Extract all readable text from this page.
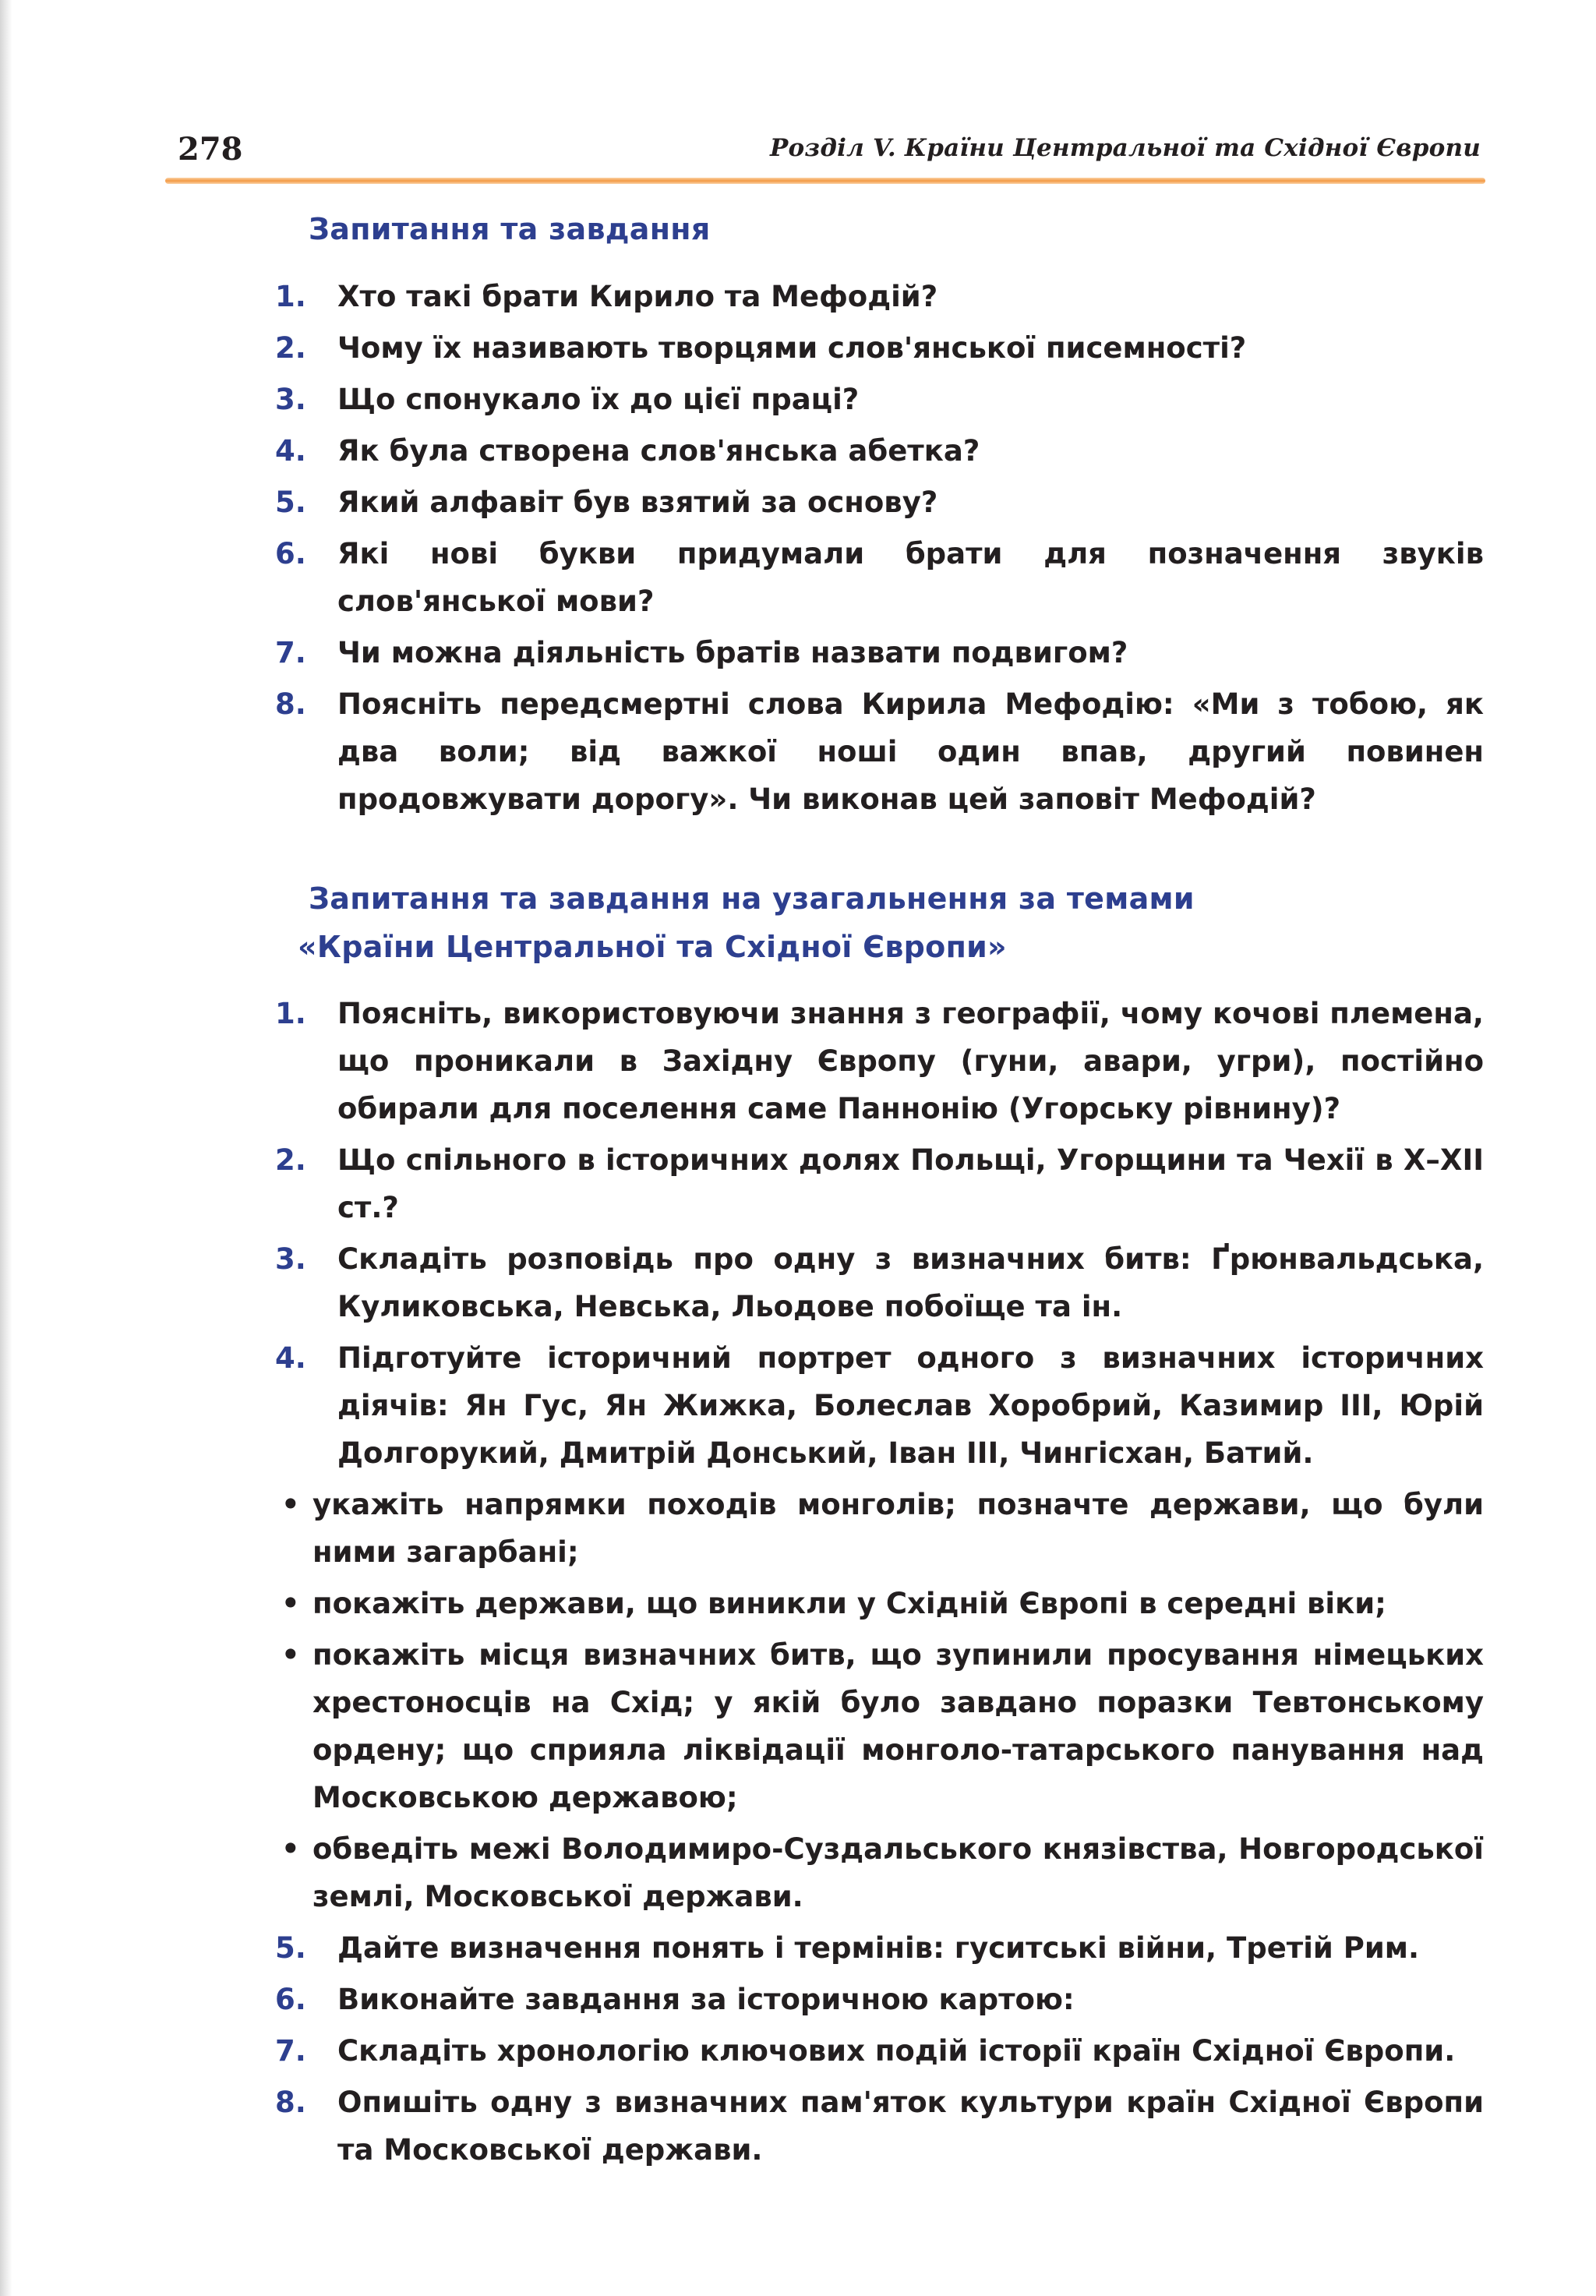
278	Розділ V. Країни Центральної та Східної Європи
Запитання та завдання
1.	Хто такі брати Кирило та Мефодій?
2.	Чому їх називають творцями слов'янської писемності?
3.	Що спонукало їх до цієї праці?
4.	Як була створена слов'янська абетка?
5.	Який алфавіт був взятий за основу?
6.	Які нові букви придумали брати для позначення звуків слов'янської мови?
7.	Чи можна діяльність братів назвати подвигом?
8.	Поясніть передсмертні слова Кирила Мефодію: «Ми з тобою, як два воли; від важкої ноші один впав, другий повинен продовжувати дорогу». Чи виконав цей заповіт Мефодій?
Запитання та завдання на узагальнення за темами
«Країни Центральної та Східної Європи»
1.	Поясніть, використовуючи знання з географії, чому кочові племена, що проникали в Західну Європу (гуни, авари, угри), постійно обирали для поселення саме Паннонію (Угорську рівнину)?
2.	Що спільного в історичних долях Польщі, Угорщини та Чехії в Х–ХІІ ст.?
3.	Складіть розповідь про одну з визначних битв: Ґрюнвальдська, Куликовська, Невська, Льодове побоїще та ін.
4.	Підготуйте історичний портрет одного з визначних історичних діячів: Ян Гус, Ян Жижка, Болеслав Хоробрий, Казимир III, Юрій Долгорукий, Дмитрій Донський, Іван III, Чингісхан, Батий.
• укажіть напрямки походів монголів; позначте держави, що були ними загарбані;
• покажіть держави, що виникли у Східній Європі в середні віки;
• покажіть місця визначних битв, що зупинили просування німецьких хрестоносців на Схід; у якій було завдано поразки Тевтонському ордену; що сприяла ліквідації монголо-татарського панування над Московською державою;
• обведіть межі Володимиро-Суздальського князівства, Новгородської землі, Московської держави.
5.	Дайте визначення понять і термінів: гуситські війни, Третій Рим.
6.	Виконайте завдання за історичною картою:
7.	Складіть хронологію ключових подій історії країн Східної Європи.
8.	Опишіть одну з визначних пам'яток культури країн Східної Європи та Московської держави.
